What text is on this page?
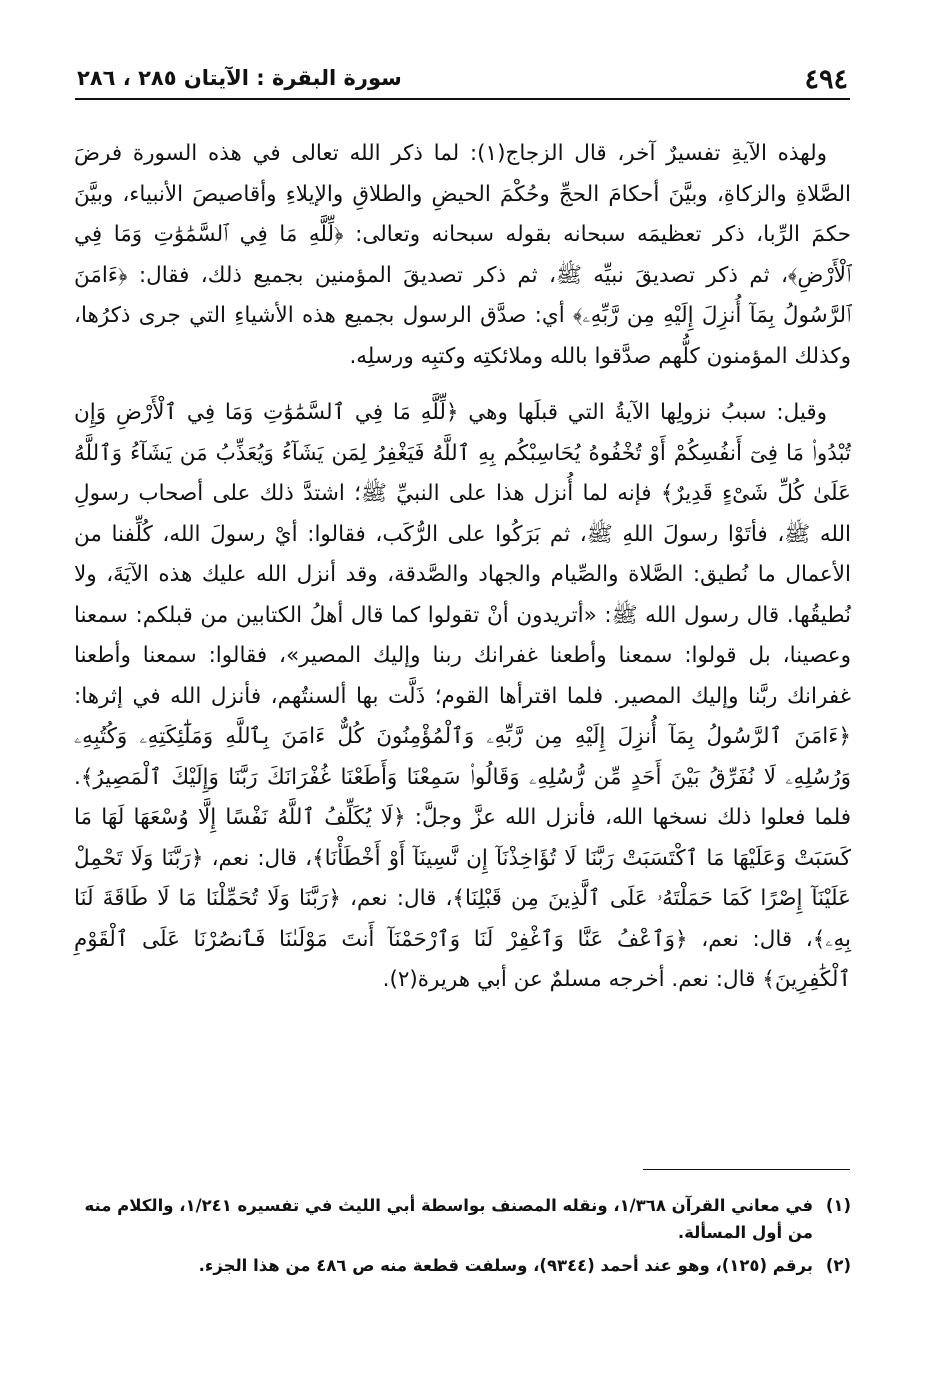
٤٩٤
سورة البقرة : الآيتان ٢٨٥ ، ٢٨٦

ولهذه الآيةِ تفسيرٌ آخر، قال الزجاج(١): لما ذكر الله تعالى في هذه السورة فرضَ الصَّلاةِ والزكاةِ، وبيَّنَ أحكامَ الحجِّ وحُكْمَ الحيضِ والطلاقِ والإيلاءِ وأقاصيصَ الأنبياء، وبيَّنَ حكمَ الرِّبا، ذكر تعظيمَه سبحانه بقوله سبحانه وتعالى: ﴿لِّلَّهِ مَا فِي ٱلسَّمَٰوَٰتِ وَمَا فِي ٱلْأَرْضِ﴾، ثم ذكر تصديقَ نبيِّه ﷺ، ثم ذكر تصديقَ المؤمنين بجميع ذلك، فقال: ﴿ءَامَنَ ٱلرَّسُولُ بِمَآ أُنزِلَ إِلَيْهِ مِن رَّبِّهِۦ﴾ أي: صدَّق الرسول بجميع هذه الأشياءِ التي جرى ذكرُها، وكذلك المؤمنون كلُّهم صدَّقوا بالله وملائكتِه وكتبِه ورسلِه.

وقيل: سببُ نزولِها الآيةُ التي قبلَها وهي ﴿لِّلَّهِ مَا فِي ٱلسَّمَٰوَٰتِ وَمَا فِي ٱلْأَرْضِ وَإِن تُبْدُوا۟ مَا فِىٓ أَنفُسِكُمْ أَوْ تُخْفُوهُ يُحَاسِبْكُم بِهِ ٱللَّهُ فَيَغْفِرُ لِمَن يَشَآءُ وَيُعَذِّبُ مَن يَشَآءُ وَٱللَّهُ عَلَىٰ كُلِّ شَىْءٍ قَدِيرٌ﴾ فإنه لما أُنزل هذا على النبيِّ ﷺ؛ اشتدَّ ذلك على أصحاب رسولِ الله ﷺ، فأتَوْا رسولَ اللهِ ﷺ، ثم بَرَكُوا على الرُّكَب، فقالوا: أيْ رسولَ الله، كُلِّفنا من الأعمال ما نُطيق: الصَّلاة والصِّيام والجهاد والصَّدقة، وقد أنزل الله عليك هذه الآيَةَ، ولا نُطيقُها. قال رسول الله ﷺ: «أتريدون أنْ تقولوا كما قال أهلُ الكتابين من قبلكم: سمعنا وعصينا، بل قولوا: سمعنا وأطعنا غفرانك ربنا وإليك المصير»، فقالوا: سمعنا وأطعنا غفرانك ربَّنا وإليك المصير. فلما اقترأها القوم؛ ذَلَّت بها ألسنتُهم، فأنزل الله في إثرها: ﴿ءَامَنَ ٱلرَّسُولُ بِمَآ أُنزِلَ إِلَيْهِ مِن رَّبِّهِۦ وَٱلْمُؤْمِنُونَ كُلٌّ ءَامَنَ بِٱللَّهِ وَمَلَٰٓئِكَتِهِۦ وَكُتُبِهِۦ وَرُسُلِهِۦ لَا نُفَرِّقُ بَيْنَ أَحَدٍ مِّن رُّسُلِهِۦ وَقَالُوا۟ سَمِعْنَا وَأَطَعْنَا غُفْرَانَكَ رَبَّنَا وَإِلَيْكَ ٱلْمَصِيرُ﴾. فلما فعلوا ذلك نسخها الله، فأنزل الله عزَّ وجلَّ: ﴿لَا يُكَلِّفُ ٱللَّهُ نَفْسًا إِلَّا وُسْعَهَا لَهَا مَا كَسَبَتْ وَعَلَيْهَا مَا ٱكْتَسَبَتْ رَبَّنَا لَا تُؤَاخِذْنَآ إِن نَّسِينَآ أَوْ أَخْطَأْنَا﴾، قال: نعم، ﴿رَبَّنَا وَلَا تَحْمِلْ عَلَيْنَآ إِصْرًا كَمَا حَمَلْتَهُۥ عَلَى ٱلَّذِينَ مِن قَبْلِنَا﴾، قال: نعم، ﴿رَبَّنَا وَلَا تُحَمِّلْنَا مَا لَا طَاقَةَ لَنَا بِهِۦ﴾، قال: نعم، ﴿وَٱعْفُ عَنَّا وَٱغْفِرْ لَنَا وَٱرْحَمْنَآ أَنتَ مَوْلَىٰنَا فَٱنصُرْنَا عَلَى ٱلْقَوْمِ ٱلْكَٰفِرِينَ﴾ قال: نعم. أخرجه مسلمٌ عن أبي هريرة(٢).

(١)
في معاني القرآن ١/٣٦٨، ونقله المصنف بواسطة أبي الليث في تفسيره ١/٢٤١، والكلام منه من أول المسألة.
(٢)
برقم (١٢٥)، وهو عند أحمد (٩٣٤٤)، وسلفت قطعة منه ص ٤٨٦ من هذا الجزء.
